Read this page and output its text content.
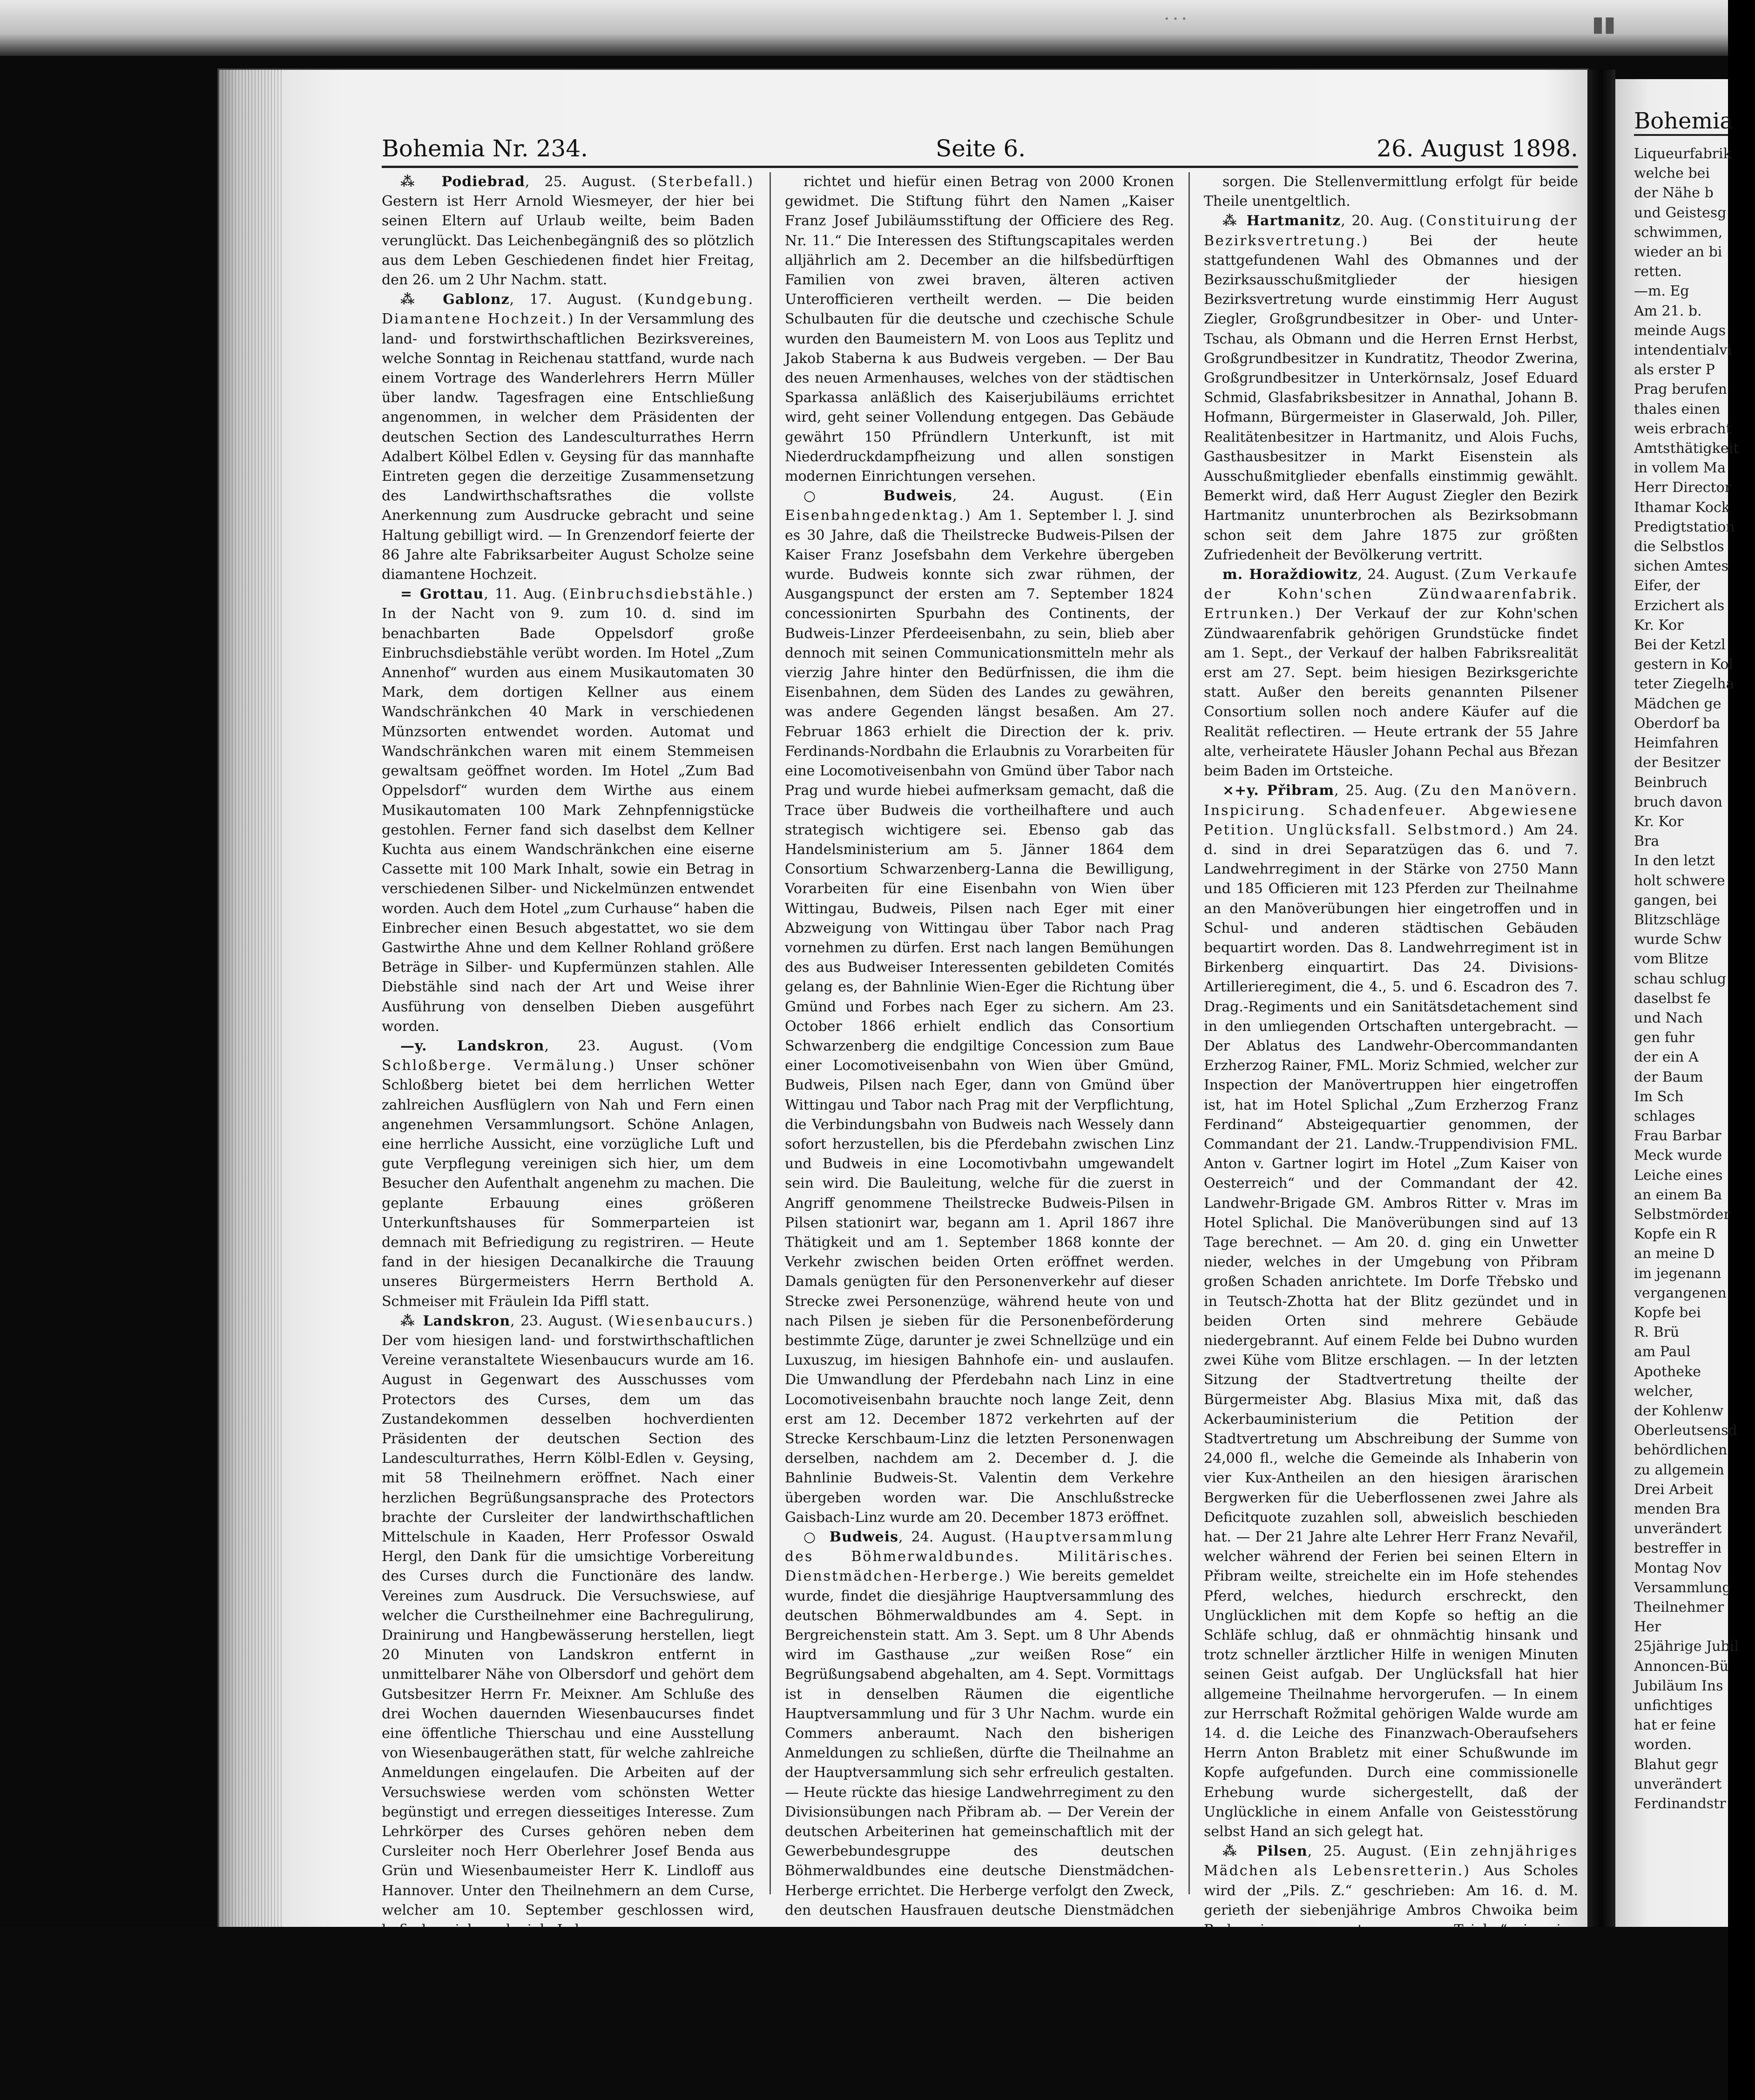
···	▮▮
Bohemia Nr. 234.	Seite 6.	26. August 1898.

⁂ Podiebrad, 25. August. (Sterbefall.) Gestern ist Herr Arnold Wiesmeyer, der hier bei seinen Eltern auf Urlaub weilte, beim Baden verunglückt. Das Leichenbegängniß des so plötzlich aus dem Leben Geschiedenen findet hier Freitag, den 26. um 2 Uhr Nachm. statt.

⁂ Gablonz, 17. August. (Kundgebung. Diamantene Hochzeit.) In der Versammlung des land- und forstwirthschaftlichen Bezirksvereines, welche Sonntag in Reichenau stattfand, wurde nach einem Vortrage des Wanderlehrers Herrn Müller über landw. Tagesfragen eine Entschließung angenommen, in welcher dem Präsidenten der deutschen Section des Landesculturrathes Herrn Adalbert Kölbel Edlen v. Geysing für das mannhafte Eintreten gegen die derzeitige Zusammensetzung des Landwirthschaftsrathes die vollste Anerkennung zum Ausdrucke gebracht und seine Haltung gebilligt wird. — In Grenzendorf feierte der 86 Jahre alte Fabriksarbeiter August Scholze seine diamantene Hochzeit.

= Grottau, 11. Aug. (Einbruchsdiebstähle.) In der Nacht von 9. zum 10. d. sind im benachbarten Bade Oppelsdorf große Einbruchsdiebstähle verübt worden. Im Hotel „Zum Annenhof“ wurden aus einem Musikautomaten 30 Mark, dem dortigen Kellner aus einem Wandschränkchen 40 Mark in verschiedenen Münzsorten entwendet worden. Automat und Wandschränkchen waren mit einem Stemmeisen gewaltsam geöffnet worden. Im Hotel „Zum Bad Oppelsdorf“ wurden dem Wirthe aus einem Musikautomaten 100 Mark Zehnpfennigstücke gestohlen. Ferner fand sich daselbst dem Kellner Kuchta aus einem Wandschränkchen eine eiserne Cassette mit 100 Mark Inhalt, sowie ein Betrag in verschiedenen Silber- und Nickelmünzen entwendet worden. Auch dem Hotel „zum Curhause“ haben die Einbrecher einen Besuch abgestattet, wo sie dem Gastwirthe Ahne und dem Kellner Rohland größere Beträge in Silber- und Kupfermünzen stahlen. Alle Diebstähle sind nach der Art und Weise ihrer Ausführung von denselben Dieben ausgeführt worden.

—y. Landskron, 23. August. (Vom Schloßberge. Vermälung.) Unser schöner Schloßberg bietet bei dem herrlichen Wetter zahlreichen Ausflüglern von Nah und Fern einen angenehmen Versammlungsort. Schöne Anlagen, eine herrliche Aussicht, eine vorzügliche Luft und gute Verpflegung vereinigen sich hier, um dem Besucher den Aufenthalt angenehm zu machen. Die geplante Erbauung eines größeren Unterkunftshauses für Sommerparteien ist demnach mit Befriedigung zu registriren. — Heute fand in der hiesigen Decanalkirche die Trauung unseres Bürgermeisters Herrn Berthold A. Schmeiser mit Fräulein Ida Piffl statt.

⁂ Landskron, 23. August. (Wiesenbaucurs.) Der vom hiesigen land- und forstwirthschaftlichen Vereine veranstaltete Wiesenbaucurs wurde am 16. August in Gegenwart des Ausschusses vom Protectors des Curses, dem um das Zustandekommen desselben hochverdienten Präsidenten der deutschen Section des Landesculturrathes, Herrn Kölbl-Edlen v. Geysing, mit 58 Theilnehmern eröffnet. Nach einer herzlichen Begrüßungsansprache des Protectors brachte der Cursleiter der landwirthschaftlichen Mittelschule in Kaaden, Herr Professor Oswald Hergl, den Dank für die umsichtige Vorbereitung des Curses durch die Functionäre des landw. Vereines zum Ausdruck. Die Versuchswiese, auf welcher die Curstheilnehmer eine Bachregulirung, Drainirung und Hangbewässerung herstellen, liegt 20 Minuten von Landskron entfernt in unmittelbarer Nähe von Olbersdorf und gehört dem Gutsbesitzer Herrn Fr. Meixner. Am Schluße des drei Wochen dauernden Wiesenbaucurses findet eine öffentliche Thierschau und eine Ausstellung von Wiesenbaugeräthen statt, für welche zahlreiche Anmeldungen eingelaufen. Die Arbeiten auf der Versuchswiese werden vom schönsten Wetter begünstigt und erregen diesseitiges Interesse. Zum Lehrkörper des Curses gehören neben dem Cursleiter noch Herr Oberlehrer Josef Benda aus Grün und Wiesenbaumeister Herr K. Lindloff aus Hannover. Unter den Theilnehmern an dem Curse, welcher am 10. September geschlossen wird,

richtet und hiefür einen Betrag von 2000 Kronen gewidmet. Die Stiftung führt den Namen „Kaiser Franz Josef Jubiläumsstiftung der Officiere des Reg. Nr. 11.“ Die Interessen des Stiftungscapitales werden alljährlich am 2. December an die hilfsbedürftigen Familien von zwei braven, älteren activen Unterofficieren vertheilt werden. — Die beiden Schulbauten für die deutsche und czechische Schule wurden den Baumeistern M. von Loos aus Teplitz und Jakob Staberna k aus Budweis vergeben. — Der Bau des neuen Armenhauses, welches von der städtischen Sparkassa anläßlich des Kaiserjubiläums errichtet wird, geht seiner Vollendung entgegen. Das Gebäude gewährt 150 Pfründlern Unterkunft, ist mit Niederdruckdampfheizung und allen sonstigen modernen Einrichtungen versehen.

○ Budweis, 24. August.	(Ein Eisenbahngedenktag.) Am 1. September l. J. sind es 30 Jahre, daß die Theilstrecke Budweis-Pilsen der Kaiser Franz Josefsbahn dem Verkehre übergeben wurde. Budweis konnte sich zwar rühmen, der Ausgangspunct der ersten am 7. September 1824 concessionirten Spurbahn des Continents, der Budweis-Linzer Pferdeeisenbahn, zu sein, blieb aber dennoch mit seinen Communicationsmitteln mehr als vierzig Jahre hinter den Bedürfnissen, die ihm die Eisenbahnen, dem Süden des Landes zu gewähren, was andere Gegenden längst besaßen. Am 27. Februar 1863 erhielt die Direction der k. priv. Ferdinands-Nordbahn die Erlaubnis zu Vorarbeiten für eine Locomotiveisenbahn von Gmünd über Tabor nach Prag und wurde hiebei aufmerksam gemacht, daß die Trace über Budweis die vortheilhaftere und auch strategisch wichtigere sei. Ebenso gab das Handelsministerium am 5. Jänner 1864 dem Consortium Schwarzenberg-Lanna die Bewilligung, Vorarbeiten für eine Eisenbahn von Wien über Wittingau, Budweis, Pilsen nach Eger mit einer Abzweigung von Wittingau über Tabor nach Prag vornehmen zu dürfen. Erst nach langen Bemühungen des aus Budweiser Interessenten gebildeten Comités gelang es, der Bahnlinie Wien-Eger die Richtung über Gmünd und Forbes nach Eger zu sichern. Am 23. October 1866 erhielt endlich das Consortium Schwarzenberg die endgiltige Concession zum Baue einer Locomotiveisenbahn von Wien über Gmünd, Budweis, Pilsen nach Eger, dann von Gmünd über Wittingau und Tabor nach Prag mit der Verpflichtung, die Verbindungsbahn von Budweis nach Wessely dann sofort herzustellen, bis die Pferdebahn zwischen Linz und Budweis in eine Locomotivbahn umgewandelt sein wird. Die Bauleitung, welche für die zuerst in Angriff genommene Theilstrecke Budweis-Pilsen in Pilsen stationirt war, begann am 1. April 1867 ihre Thätigkeit und am 1. September 1868 konnte der Verkehr zwischen beiden Orten eröffnet werden. Damals genügten für den Personenverkehr auf dieser Strecke zwei Personenzüge, während heute von und nach Pilsen je sieben für die Personenbeförderung bestimmte Züge, darunter je zwei Schnellzüge und ein Luxuszug, im hiesigen Bahnhofe ein- und auslaufen. Die Umwandlung der Pferdebahn nach Linz in eine Locomotiveisenbahn brauchte noch lange Zeit, denn erst am 12. December 1872 verkehrten auf der Strecke Kerschbaum-Linz die letzten Personenwagen derselben, nachdem am 2. December d. J. die Bahnlinie Budweis-St. Valentin dem Verkehre übergeben worden war. Die Anschlußstrecke Gaisbach-Linz wurde am 20. December 1873 eröffnet.

○ Budweis, 24. August. (Hauptversammlung des Böhmerwaldbundes. Militärisches. Dienstmädchen-Herberge.) Wie bereits gemeldet wurde, findet die diesjährige Hauptversammlung des deutschen Böhmerwaldbundes am 4. Sept. in Bergreichenstein statt. Am 3. Sept. um 8 Uhr Abends wird im Gasthause „zur weißen Rose“ ein Begrüßungsabend abgehalten, am 4. Sept. Vormittags ist in denselben Räumen die eigentliche Hauptversammlung und für 3 Uhr Nachm. wurde ein Commers anberaumt. Nach den bisherigen Anmeldungen zu schließen, dürfte die Theilnahme an der Hauptversammlung sich sehr erfreulich gestalten. — Heute rückte das hiesige Landwehrregiment zu den Divisionsübungen nach Přibram ab. — Der Verein der deutschen Arbeiterinen hat gemeinschaftlich mit der Gewerbebundesgruppe des deutschen Böhmerwaldbundes eine deutsche Dienstmädchen-Herberge errichtet. Die Herberge verfolgt den Zweck, den deutschen Hausfrauen deutsche Dienstmädchen

sorgen. Die Stellenvermittlung erfolgt für beide Theile unentgeltlich.

⁂ Hartmanitz, 20. Aug. (Constituirung der Bezirksvertretung.)	Bei der heute stattgefundenen Wahl des Obmannes und der Bezirksausschußmitglieder der hiesigen Bezirksvertretung wurde einstimmig Herr August Ziegler, Großgrundbesitzer in Ober- und Unter-Tschau, als Obmann und die Herren Ernst Herbst, Großgrundbesitzer in Kundratitz, Theodor Zwerina, Großgrundbesitzer in Unterkörnsalz, Josef Eduard Schmid, Glasfabriksbesitzer in Annathal, Johann B. Hofmann, Bürgermeister in Glaserwald, Joh. Piller, Realitätenbesitzer in Hartmanitz, und Alois Fuchs, Gasthausbesitzer in Markt Eisenstein als Ausschußmitglieder ebenfalls einstimmig gewählt. Bemerkt wird, daß Herr August Ziegler den Bezirk Hartmanitz ununterbrochen als Bezirksobmann schon seit dem Jahre 1875 zur größten Zufriedenheit der Bevölkerung vertritt.

m. Horaždiowitz, 24. August. (Zum Verkaufe der Kohn'schen Zündwaarenfabrik. Ertrunken.) Der Verkauf der zur Kohn'schen Zündwaarenfabrik gehörigen Grundstücke findet am 1. Sept., der Verkauf der halben Fabriksrealität erst am 27. Sept. beim hiesigen Bezirksgerichte statt. Außer den bereits genannten Pilsener Consortium sollen noch andere Käufer auf die Realität reflectiren. — Heute ertrank der 55 Jahre alte, verheiratete Häusler Johann Pechal aus Březan beim Baden im Ortsteiche.

×+y. Přibram, 25. Aug. (Zu den Manövern. Inspicirung. Schadenfeuer. Abgewiesene Petition. Unglücksfall. Selbstmord.) Am 24. d. sind in drei Separatzügen das 6. und 7. Landwehrregiment in der Stärke von 2750 Mann und 185 Officieren mit 123 Pferden zur Theilnahme an den Manöverübungen hier eingetroffen und in Schul- und anderen städtischen Gebäuden bequartirt worden. Das 8. Landwehrregiment ist in Birkenberg einquartirt. Das 24. Divisions-Artillerieregiment, die 4., 5. und 6. Escadron des 7. Drag.-Regiments und ein Sanitätsdetachement sind in den umliegenden Ortschaften untergebracht. — Der Ablatus des Landwehr-Obercommandanten Erzherzog Rainer, FML. Moriz Schmied, welcher zur Inspection der Manövertruppen hier eingetroffen ist, hat im Hotel Splichal „Zum Erzherzog Franz Ferdinand“ Absteigequartier genommen, der Commandant der 21. Landw.-Truppendivision FML. Anton v. Gartner logirt im Hotel „Zum Kaiser von Oesterreich“ und der Commandant der 42. Landwehr-Brigade GM. Ambros Ritter v. Mras im Hotel Splichal. Die Manöverübungen sind auf 13 Tage berechnet. — Am 20. d. ging ein Unwetter nieder, welches in der Umgebung von Přibram großen Schaden anrichtete. Im Dorfe Třebsko und in Teutsch-Zhotta hat der Blitz gezündet und in beiden Orten sind mehrere Gebäude niedergebrannt. Auf einem Felde bei Dubno wurden zwei Kühe vom Blitze erschlagen. — In der letzten Sitzung der Stadtvertretung theilte der Bürgermeister Abg. Blasius Mixa mit, daß das Ackerbauministerium die Petition der Stadtvertretung um Abschreibung der Summe von 24,000 fl., welche die Gemeinde als Inhaberin von vier Kux-Antheilen an den hiesigen ärarischen Bergwerken für die Ueberflossenen zwei Jahre als Deficitquote zuzahlen soll, abweislich beschieden hat. — Der 21 Jahre alte Lehrer Herr Franz Nevařil, welcher während der Ferien bei seinen Eltern in Přibram weilte, streichelte ein im Hofe stehendes Pferd, welches, hiedurch erschreckt, den Unglücklichen mit dem Kopfe so heftig an die Schläfe schlug, daß er ohnmächtig hinsank und trotz schneller ärztlicher Hilfe in wenigen Minuten seinen Geist aufgab. Der Unglücksfall hat hier allgemeine Theilnahme hervorgerufen. — In einem zur Herrschaft Rožmital gehörigen Walde wurde am 14. d. die Leiche des Finanzwach-Oberaufsehers Herrn Anton Brabletz mit einer Schußwunde im Kopfe aufgefunden. Durch eine commissionelle Erhebung wurde sichergestellt, daß der Unglückliche in einem Anfalle von Geistesstörung selbst Hand an sich gelegt hat.

⁂ Pilsen, 25. August. (Ein zehnjähriges Mädchen als Lebensretterin.) Aus Scholes wird der „Pils. Z.“ geschrieben: Am 16. d. M. gerieth der siebenjährige Ambros Chwoika beim

Bohemia
Liqueurfabrik
welche bei
der Nähe b
und Geistesg
schwimmen,
wieder an bi
retten.
—m. Eg
Am 21. b.
meinde Augs
intendentialvi
als erster P
Prag berufen
thales einen
weis erbracht
Amtsthätigkeit
in vollem Ma
Herr Director
Ithamar Kock
Predigtstation
die Selbstlos
sichen Amtes
Eifer, der
Erzichert als
Kr. Kor
Bei der Ketzl
gestern in Kol
teter Ziegelha
Mädchen ge
Oberdorf ba
Heimfahren
der Besitzer
Beinbruch
bruch davon
Kr. Kor
Bra
In den letzt
holt schwere
gangen, bei
Blitzschläge
wurde Schw
vom Blitze
schau schlug
daselbst fe
und Nach
gen fuhr
der ein A
der Baum
Im Sch
schlages
Frau Barbar
Meck wurde
Leiche eines
an einem Ba
Selbstmörder
Kopfe ein R
an meine D
im jegenann
vergangenen
Kopfe bei
R. Brü
am Paul
Apotheke
welcher,
der Kohlenw
Oberleutsensd
behördlichen
zu allgemein
Drei Arbeit
menden Bra
unverändert
bestreffer in
Montag Nov
Versammlung
Theilnehmer
Her
25jährige Jubil
Annoncen-Bü
Jubiläum Ins
unfichtiges
hat er feine
worden.
Blahut gegr
unverändert
Ferdinandstr
